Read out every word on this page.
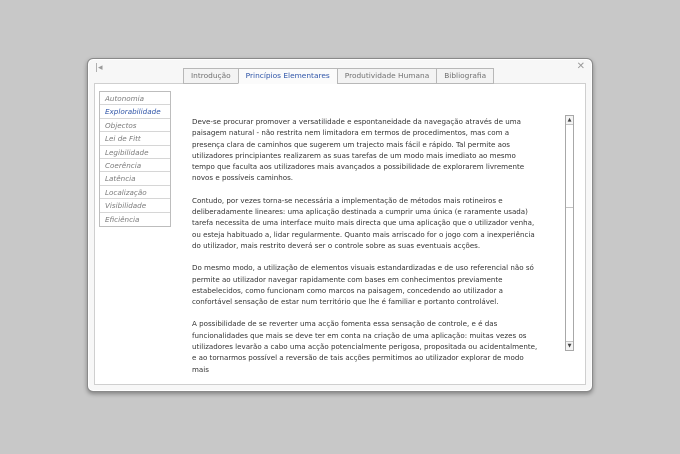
|◂	✕
Introdução	Princípios Elementares	Produtividade Humana	Bibliografia
Autonomia
Explorabilidade
Objectos
Lei de Fitt
Legibilidade
Coerência
Latência
Localização
Visibilidade
Eficiência

Deve-se procurar promover a versatilidade e espontaneidade da navegação através de uma paisagem natural - não restrita nem limitadora em termos de procedimentos, mas com a presença clara de caminhos que sugerem um trajecto mais fácil e rápido. Tal permite aos utilizadores principiantes realizarem as suas tarefas de um modo mais imediato ao mesmo tempo que faculta aos utilizadores mais avançados a possibilidade de explorarem livremente novos e possíveis caminhos.

Contudo, por vezes torna-se necessária a implementação de métodos mais rotineiros e deliberadamente lineares: uma aplicação destinada a cumprir uma única (e raramente usada) tarefa necessita de uma interface muito mais directa que uma aplicação que o utilizador venha, ou esteja habituado a, lidar regularmente. Quanto mais arriscado for o jogo com a inexperiência do utilizador, mais restrito deverá ser o controle sobre as suas eventuais acções.

Do mesmo modo, a utilização de elementos visuais estandardizadas e de uso referencial não só permite ao utilizador navegar rapidamente com bases em conhecimentos previamente estabelecidos, como funcionam como marcos na paisagem, concedendo ao utilizador a confortável sensação de estar num território que lhe é familiar e portanto controlável.

A possibilidade de se reverter uma acção fomenta essa sensação de controle, e é das funcionalidades que mais se deve ter em conta na criação de uma aplicação: muitas vezes os utilizadores levarão a cabo uma acção potencialmente perigosa, propositada ou acidentalmente, e ao tornarmos possível a reversão de tais acções permitimos ao utilizador explorar de modo mais

▲
▼
